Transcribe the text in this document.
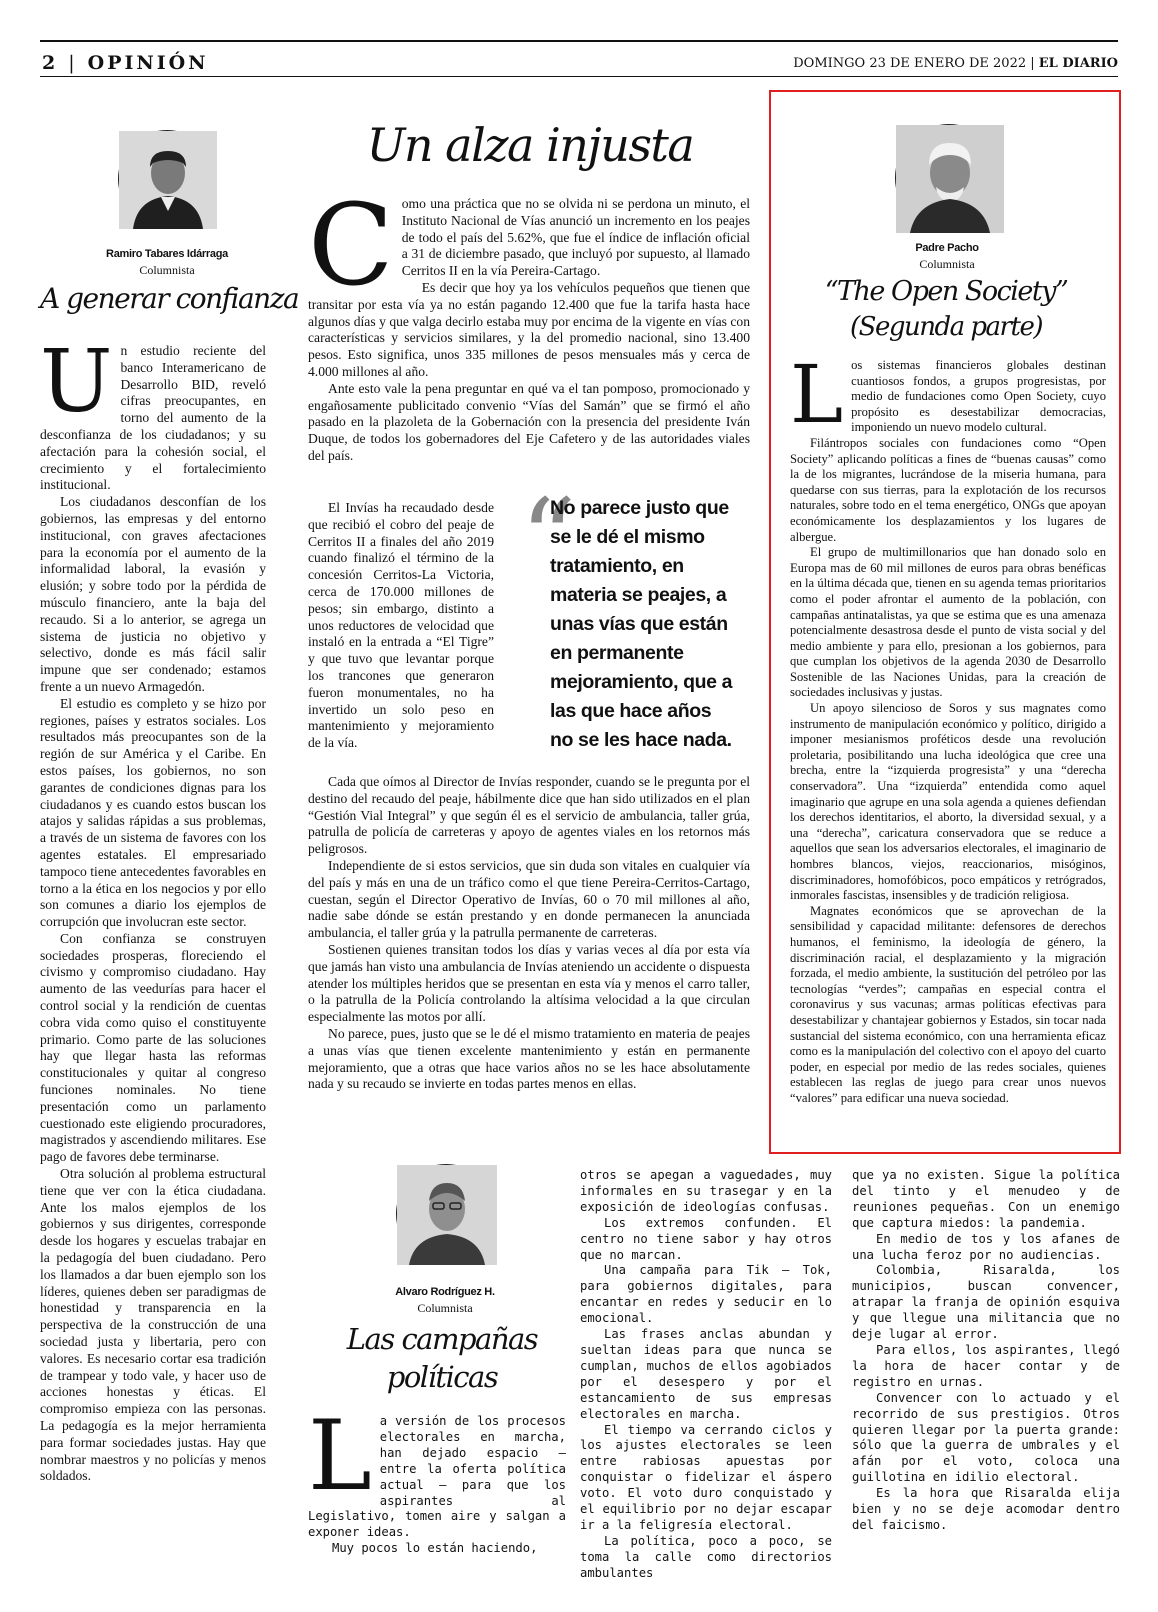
2 | OPINIÓN	DOMINGO 23 DE ENERO DE 2022 | EL DIARIO
Ramiro Tabares Idárraga
Columnista
A generar confianza
U n estudio reciente del banco Interamericano de Desarrollo BID, reveló cifras preocupantes, en torno del aumento de la desconfianza de los ciudadanos; y su afectación para la cohesión social, el crecimiento y el fortalecimiento institucional.

Los ciudadanos desconfían de los gobiernos, las empresas y del entorno institucional, con graves afectaciones para la economía por el aumento de la informalidad laboral, la evasión y elusión; y sobre todo por la pérdida de músculo financiero, ante la baja del recaudo. Si a lo anterior, se agrega un sistema de justicia no objetivo y selectivo, donde es más fácil salir impune que ser condenado; estamos frente a un nuevo Armagedón.

El estudio es completo y se hizo por regiones, países y estratos sociales. Los resultados más preocupantes son de la región de sur América y el Caribe. En estos países, los gobiernos, no son garantes de condiciones dignas para los ciudadanos y es cuando estos buscan los atajos y salidas rápidas a sus problemas, a través de un sistema de favores con los agentes estatales. El empresariado tampoco tiene antecedentes favorables en torno a la ética en los negocios y por ello son comunes a diario los ejemplos de corrupción que involucran este sector.

Con confianza se construyen sociedades prosperas, floreciendo el civismo y compromiso ciudadano. Hay aumento de las veedurías para hacer el control social y la rendición de cuentas cobra vida como quiso el constituyente primario. Como parte de las soluciones hay que llegar hasta las reformas constitucionales y quitar al congreso funciones nominales. No tiene presentación como un parlamento cuestionado este eligiendo procuradores, magistrados y ascendiendo militares. Ese pago de favores debe terminarse.

Otra solución al problema estructural tiene que ver con la ética ciudadana. Ante los malos ejemplos de los gobiernos y sus dirigentes, corresponde desde los hogares y escuelas trabajar en la pedagogía del buen ciudadano. Pero los llamados a dar buen ejemplo son los líderes, quienes deben ser paradigmas de honestidad y transparencia en la perspectiva de la construcción de una sociedad justa y libertaria, pero con valores. Es necesario cortar esa tradición de trampear y todo vale, y hacer uso de acciones honestas y éticas. El compromiso empieza con las personas. La pedagogía es la mejor herramienta para formar sociedades justas. Hay que nombrar maestros y no policías y menos soldados.

Un alza injusta
C omo una práctica que no se olvida ni se perdona un minuto, el Instituto Nacional de Vías anunció un incremento en los peajes de todo el país del 5.62%, que fue el índice de inflación oficial a 31 de diciembre pasado, que incluyó por supuesto, al llamado Cerritos II en la vía Pereira-Cartago.

Es decir que hoy ya los vehículos pequeños que tienen que transitar por esta vía ya no están pagando 12.400 que fue la tarifa hasta hace algunos días y que valga decirlo estaba muy por encima de la vigente en vías con características y servicios similares, y la del promedio nacional, sino 13.400 pesos. Esto significa, unos 335 millones de pesos mensuales más y cerca de 4.000 millones al año.

Ante esto vale la pena preguntar en qué va el tan pomposo, promocionado y engañosamente publicitado convenio “Vías del Samán” que se firmó el año pasado en la plazoleta de la Gobernación con la presencia del presidente Iván Duque, de todos los gobernadores del Eje Cafetero y de las autoridades viales del país.

El Invías ha recaudado desde que recibió el cobro del peaje de Cerritos II a finales del año 2019 cuando finalizó el término de la concesión Cerritos-La Victoria, cerca de 170.000 millones de pesos; sin embargo, distinto a unos reductores de velocidad que instaló en la entrada a “El Tigre” y que tuvo que levantar porque los trancones que generaron fueron monumentales, no ha invertido un solo peso en mantenimiento y mejoramiento de la vía.

“
No parece justo que se le dé el mismo tratamiento, en materia se peajes, a unas vías que están en permanente mejoramiento, que a las que hace años no se les hace nada.

Cada que oímos al Director de Invías responder, cuando se le pregunta por el destino del recaudo del peaje, hábilmente dice que han sido utilizados en el plan “Gestión Vial Integral” y que según él es el servicio de ambulancia, taller grúa, patrulla de policía de carreteras y apoyo de agentes viales en los retornos más peligrosos.

Independiente de si estos servicios, que sin duda son vitales en cualquier vía del país y más en una de un tráfico como el que tiene Pereira-Cerritos-Cartago, cuestan, según el Director Operativo de Invías, 60 o 70 mil millones al año, nadie sabe dónde se están prestando y en donde permanecen la anunciada ambulancia, el taller grúa y la patrulla permanente de carreteras.

Sostienen quienes transitan todos los días y varias veces al día por esta vía que jamás han visto una ambulancia de Invías ateniendo un accidente o dispuesta atender los múltiples heridos que se presentan en esta vía y menos el carro taller, o la patrulla de la Policía controlando la altísima velocidad a la que circulan especialmente las motos por allí.

No parece, pues, justo que se le dé el mismo tratamiento en materia de peajes a unas vías que tienen excelente mantenimiento y están en permanente mejoramiento, que a otras que hace varios años no se les hace absolutamente nada y su recaudo se invierte en todas partes menos en ellas.

Padre Pacho
Columnista
“The Open Society”
(Segunda parte)
L os sistemas financieros globales destinan cuantiosos fondos, a grupos progresistas, por medio de fundaciones como Open Society, cuyo propósito es desestabilizar democracias, imponiendo un nuevo modelo cultural.

Filántropos sociales con fundaciones como “Open Society” aplicando políticas a fines de “buenas causas” como la de los migrantes, lucrándose de la miseria humana, para quedarse con sus tierras, para la explotación de los recursos naturales, sobre todo en el tema energético, ONGs que apoyan económicamente los desplazamientos y los lugares de albergue.

El grupo de multimillonarios que han donado solo en Europa mas de 60 mil millones de euros para obras benéficas en la última década que, tienen en su agenda temas prioritarios como el poder afrontar el aumento de la población, con campañas antinatalistas, ya que se estima que es una amenaza potencialmente desastrosa desde el punto de vista social y del medio ambiente y para ello, presionan a los gobiernos, para que cumplan los objetivos de la agenda 2030 de Desarrollo Sostenible de las Naciones Unidas, para la creación de sociedades inclusivas y justas.

Un apoyo silencioso de Soros y sus magnates como instrumento de manipulación económico y político, dirigido a imponer mesianismos proféticos desde una revolución proletaria, posibilitando una lucha ideológica que cree una brecha, entre la “izquierda progresista” y una “derecha conservadora”. Una “izquierda” entendida como aquel imaginario que agrupe en una sola agenda a quienes defiendan los derechos identitarios, el aborto, la diversidad sexual, y a una “derecha”, caricatura conservadora que se reduce a aquellos que sean los adversarios electorales, el imaginario de hombres blancos, viejos, reaccionarios, misóginos, discriminadores, homofóbicos, poco empáticos y retrógrados, inmorales fascistas, insensibles y de tradición religiosa.

Magnates económicos que se aprovechan de la sensibilidad y capacidad militante: defensores de derechos humanos, el feminismo, la ideología de género, la discriminación racial, el desplazamiento y la migración forzada, el medio ambiente, la sustitución del petróleo por las tecnologías “verdes”; campañas en especial contra el coronavirus y sus vacunas; armas políticas efectivas para desestabilizar y chantajear gobiernos y Estados, sin tocar nada sustancial del sistema económico, con una herramienta eficaz como es la manipulación del colectivo con el apoyo del cuarto poder, en especial por medio de las redes sociales, quienes establecen las reglas de juego para crear unos nuevos “valores” para edificar una nueva sociedad.

Alvaro Rodríguez H.
Columnista
Las campañas
políticas
L a versión de los procesos electorales en marcha, han dejado espacio – entre la oferta política actual – para que los aspirantes al Legislativo, tomen aire y salgan a exponer ideas.

Muy pocos lo están haciendo,

otros se apegan a vaguedades, muy informales en su trasegar y en la exposición de ideologías confusas.

Los extremos confunden. El centro no tiene sabor y hay otros que no marcan.

Una campaña para Tik – Tok, para gobiernos digitales, para encantar en redes y seducir en lo emocional.

Las frases anclas abundan y sueltan ideas para que nunca se cumplan, muchos de ellos agobiados por el desespero y por el estancamiento de sus empresas electorales en marcha.

El tiempo va cerrando ciclos y los ajustes electorales se leen entre rabiosas apuestas por conquistar o fidelizar el áspero voto. El voto duro conquistado y el equilibrio por no dejar escapar ir a la feligresía electoral.

La política, poco a poco, se toma la calle como directorios ambulantes

que ya no existen. Sigue la política del tinto y el menudeo y de reuniones pequeñas. Con un enemigo que captura miedos: la pandemia.

En medio de tos y los afanes de una lucha feroz por no audiencias.

Colombia, Risaralda, los municipios, buscan convencer, atrapar la franja de opinión esquiva y que llegue una militancia que no deje lugar al error.

Para ellos, los aspirantes, llegó la hora de hacer contar y de registro en urnas.

Convencer con lo actuado y el recorrido de sus prestigios. Otros quieren llegar por la puerta grande: sólo que la guerra de umbrales y el afán por el voto, coloca una guillotina en idilio electoral.

Es la hora que Risaralda elija bien y no se deje acomodar dentro del faicismo.
